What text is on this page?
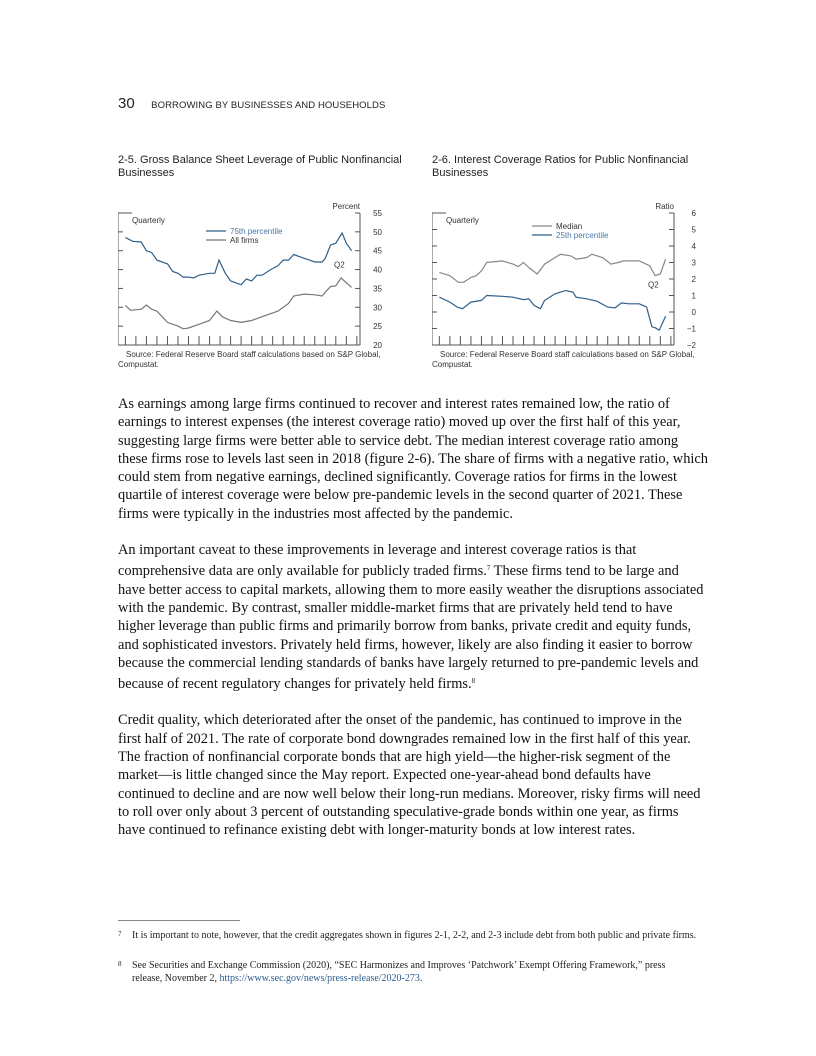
30 BORROWING BY BUSINESSES AND HOUSEHOLDS
2-5. Gross Balance Sheet Leverage of Public Nonfinancial Businesses
20
25
30
35
40
45
50
55
Percent
Quarterly
75th percentile
All firms
Q2
Source: Federal Reserve Board staff calculations based on S&P Global, Compustat.
2-6. Interest Coverage Ratios for Public Nonfinancial Businesses
−2
−1
0
1
2
3
4
5
6
Ratio
Quarterly
Median
25th percentile
Q2
Source: Federal Reserve Board staff calculations based on S&P Global, Compustat.

As earnings among large firms continued to recover and interest rates remained low, the ratio of earnings to interest expenses (the interest coverage ratio) moved up over the first half of this year, suggesting large firms were better able to service debt. The median interest coverage ratio among these firms rose to levels last seen in 2018 (figure 2-6). The share of firms with a negative ratio, which could stem from negative earnings, declined significantly. Coverage ratios for firms in the lowest quartile of interest coverage were below pre-pandemic levels in the second quarter of 2021. These firms were typically in the industries most affected by the pandemic.

An important caveat to these improvements in leverage and interest coverage ratios is that comprehensive data are only available for publicly traded firms.$^7$ These firms tend to be large and have better access to capital markets, allowing them to more easily weather the disruptions associated with the pandemic. By contrast, smaller middle-market firms that are privately held tend to have higher leverage than public firms and primarily borrow from banks, private credit and equity funds, and sophisticated investors. Privately held firms, however, likely are also finding it easier to borrow because the commercial lending standards of banks have largely returned to pre-pandemic levels and because of recent regulatory changes for privately held firms.$^8$

Credit quality, which deteriorated after the onset of the pandemic, has continued to improve in the first half of 2021. The rate of corporate bond downgrades remained low in the first half of this year. The fraction of nonfinancial corporate bonds that are high yield—the higher-risk segment of the market—is little changed since the May report. Expected one-year-ahead bond defaults have continued to decline and are now well below their long-run medians. Moreover, risky firms will need to roll over only about 3 percent of outstanding speculative-grade bonds within one year, as firms have continued to refinance existing debt with longer-maturity bonds at low interest rates.

7 It is important to note, however, that the credit aggregates shown in figures 2-1, 2-2, and 2-3 include debt from both public and private firms.
8 See Securities and Exchange Commission (2020), “SEC Harmonizes and Improves ‘Patchwork’ Exempt Offering Framework,” press release, November 2, https://www.sec.gov/news/press-release/2020-273.
